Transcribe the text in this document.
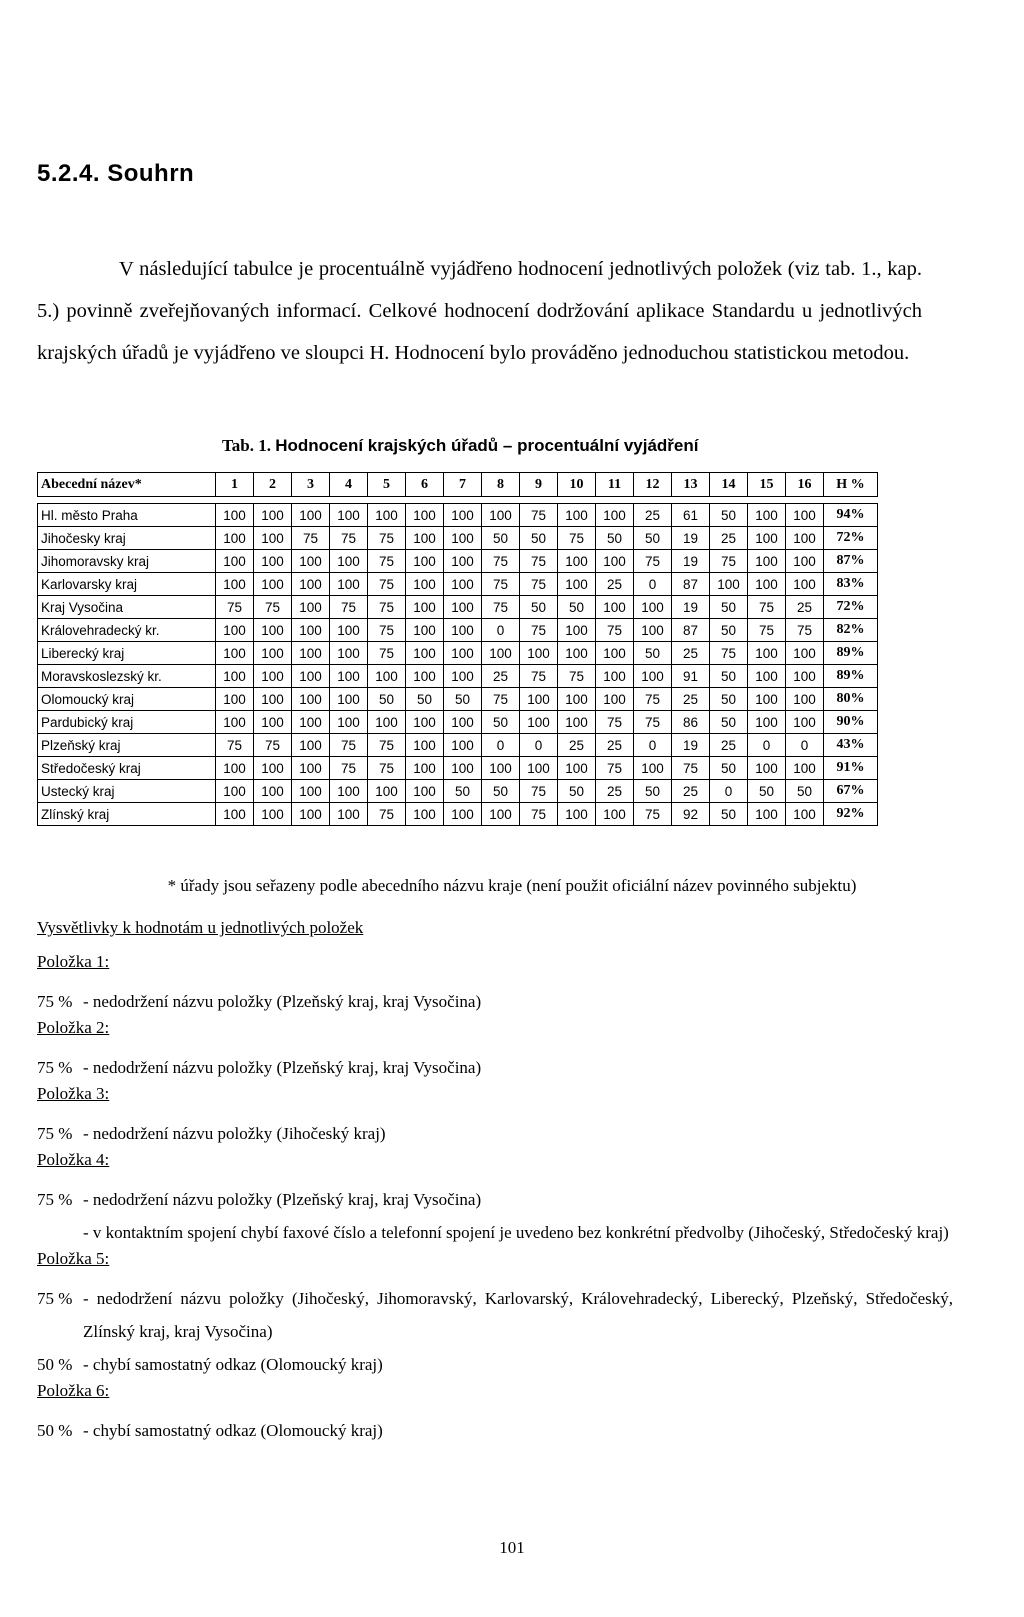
5.2.4. Souhrn

V následující tabulce je procentuálně vyjádřeno hodnocení jednotlivých položek (viz tab. 1., kap. 5.) povinně zveřejňovaných informací. Celkové hodnocení dodržování aplikace Standardu u jednotlivých krajských úřadů je vyjádřeno ve sloupci H. Hodnocení bylo prováděno jednoduchou statistickou metodou.

Tab. 1. Hodnocení krajských úřadů – procentuální vyjádření
Abecední název*	1	2	3	4	5	6	7	8	9	10	11	12	13	14	15	16	H %

Hl. město Praha	100	100	100	100	100	100	100	100	75	100	100	25	61	50	100	100	94%
Jihočesky kraj	100	100	75	75	75	100	100	50	50	75	50	50	19	25	100	100	72%
Jihomoravsky kraj	100	100	100	100	75	100	100	75	75	100	100	75	19	75	100	100	87%
Karlovarsky kraj	100	100	100	100	75	100	100	75	75	100	25	0	87	100	100	100	83%
Kraj Vysočina	75	75	100	75	75	100	100	75	50	50	100	100	19	50	75	25	72%
Královehradecký kr.	100	100	100	100	75	100	100	0	75	100	75	100	87	50	75	75	82%
Liberecký kraj	100	100	100	100	75	100	100	100	100	100	100	50	25	75	100	100	89%
Moravskoslezský kr.	100	100	100	100	100	100	100	25	75	75	100	100	91	50	100	100	89%
Olomoucký kraj	100	100	100	100	50	50	50	75	100	100	100	75	25	50	100	100	80%
Pardubický kraj	100	100	100	100	100	100	100	50	100	100	75	75	86	50	100	100	90%
Plzeňský kraj	75	75	100	75	75	100	100	0	0	25	25	0	19	25	0	0	43%
Středočeský kraj	100	100	100	75	75	100	100	100	100	100	75	100	75	50	100	100	91%
Ustecký kraj	100	100	100	100	100	100	50	50	75	50	25	50	25	0	50	50	67%
Zlínský kraj	100	100	100	100	75	100	100	100	75	100	100	75	92	50	100	100	92%
* úřady jsou seřazeny podle abecedního názvu kraje (není použit oficiální název povinného subjektu)
Vysvětlivky k hodnotám u jednotlivých položek
Položka 1:
75 % - nedodržení názvu položky (Plzeňský kraj, kraj Vysočina)
Položka 2:
75 % - nedodržení názvu položky (Plzeňský kraj, kraj Vysočina)
Položka 3:
75 % - nedodržení názvu položky (Jihočeský kraj)
Položka 4:
75 % - nedodržení názvu položky (Plzeňský kraj, kraj Vysočina)
- v kontaktním spojení chybí faxové číslo a telefonní spojení je uvedeno bez konkrétní předvolby (Jihočeský, Středočeský kraj)
Položka 5:
75 % - nedodržení názvu položky (Jihočeský, Jihomoravský, Karlovarský, Královehradecký, Liberecký, Plzeňský, Středočeský, Zlínský kraj, kraj Vysočina)
50 % - chybí samostatný odkaz (Olomoucký kraj)
Položka 6:
50 % - chybí samostatný odkaz (Olomoucký kraj)
101
